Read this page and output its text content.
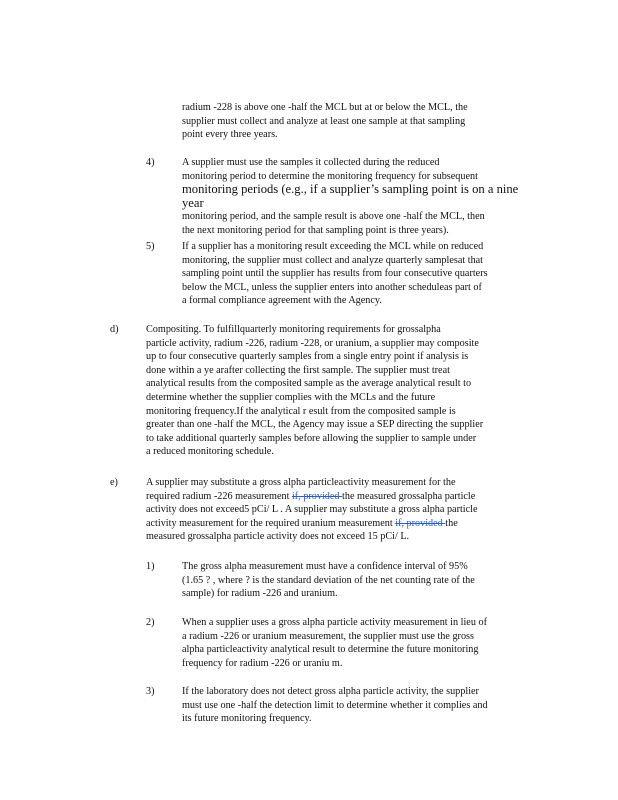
radium -228 is above one -half the MCL but at or below the MCL, the
supplier must collect and analyze at least one sample at that sampling
point every three years.
4)	A supplier must use the samples it collected during the reduced
monitoring period to determine the monitoring frequency for subsequent
monitoring periods (e.g., if a supplier’s sampling point is on a nine year
monitoring period, and the sample result is above one -half the MCL, then
the next monitoring period for that sampling point is three years).
5)	If a supplier has a monitoring result exceeding the MCL while on reduced
monitoring, the supplier must collect and analyze quarterly samplesat that
sampling point until the supplier has results from four consecutive quarters
below the MCL, unless the supplier enters into another scheduleas part of
a formal compliance agreement with the Agency.
d)	Compositing. To fulfillquarterly monitoring requirements for grossalpha
particle activity, radium -226, radium -228, or uranium, a supplier may composite
up to four consecutive quarterly samples from a single entry point if analysis is
done within a ye arafter collecting the first sample. The supplier must treat
analytical results from the composited sample as the average analytical result to
determine whether the supplier complies with the MCLs and the future
monitoring frequency.If the analytical r esult from the composited sample is
greater than one -half the MCL, the Agency may issue a SEP directing the supplier
to take additional quarterly samples before allowing the supplier to sample under
a reduced monitoring schedule.
e)	A supplier may substitute a gross alpha particleactivity measurement for the
required radium -226 measurement if, provided the measured grossalpha particle
activity does not exceed5 pCi/ L . A supplier may substitute a gross alpha particle
activity measurement for the required uranium measurement if, provided the
measured grossalpha particle activity does not exceed 15 pCi/ L.
1)	The gross alpha measurement must have a confidence interval of 95%
(1.65 ? , where ? is the standard deviation of the net counting rate of the
sample) for radium -226 and uranium.
2)	When a supplier uses a gross alpha particle activity measurement in lieu of
a radium -226 or uranium measurement, the supplier must use the gross
alpha particleactivity analytical result to determine the future monitoring
frequency for radium -226 or uraniu m.
3)	If the laboratory does not detect gross alpha particle activity, the supplier
must use one -half the detection limit to determine whether it complies and
its future monitoring frequency.
